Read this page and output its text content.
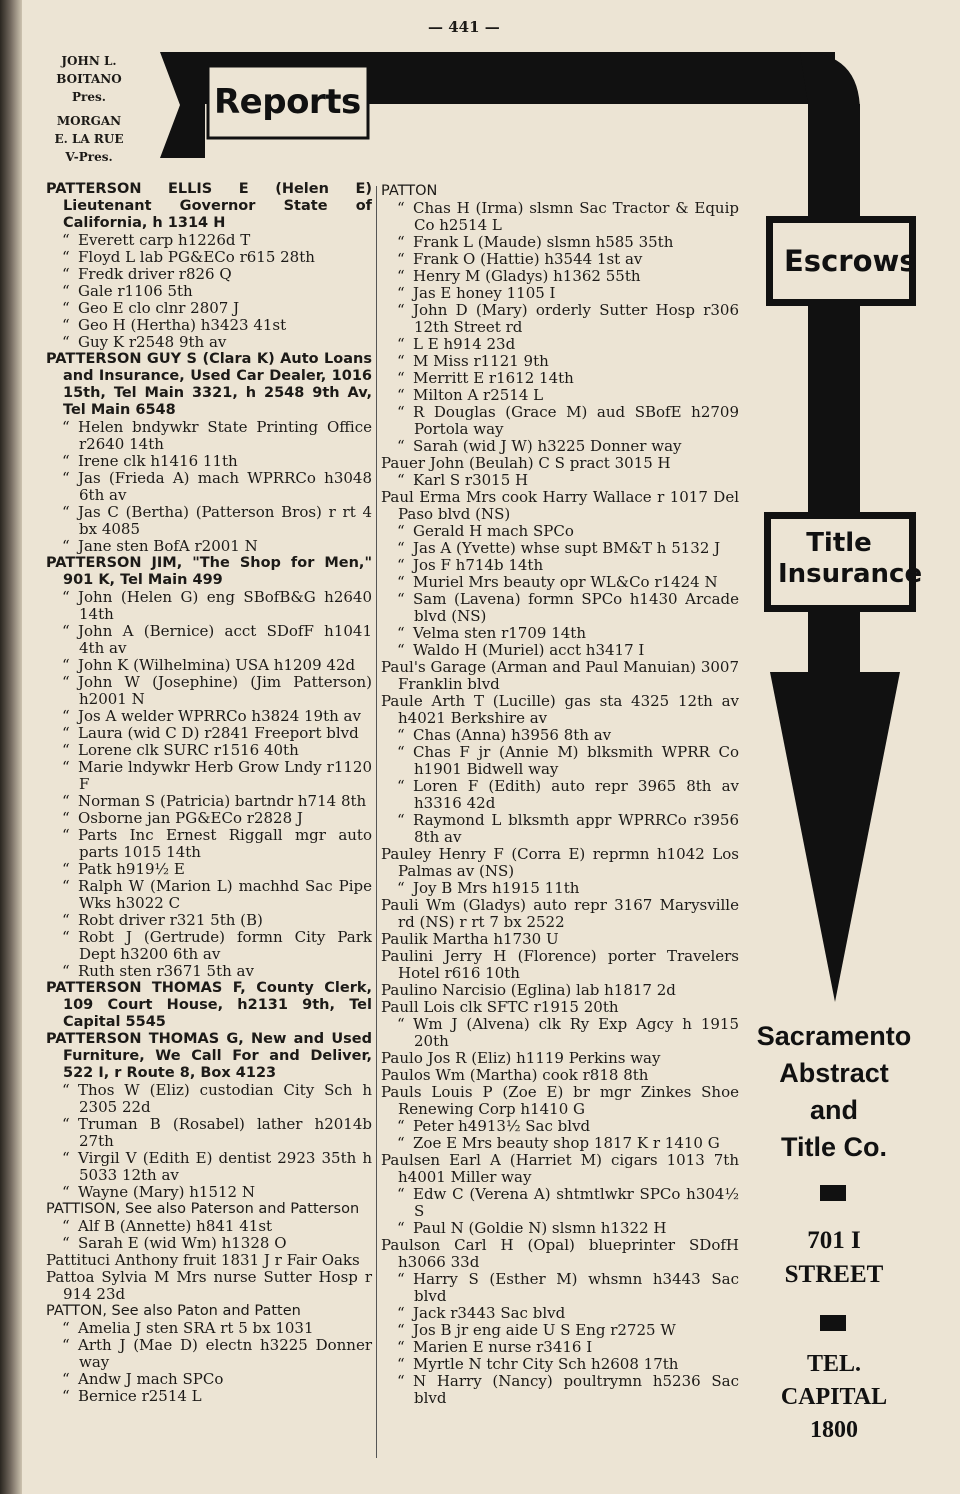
— 441 —
JOHN L.
BOITANO
Pres.
MORGAN
E. LA RUE
V-Pres.
Reports
Escrows
Title
Insurance
Sacramento
Abstract
and
Title Co.
701 I
STREET
TEL.
CAPITAL
1800
PATTERSON ELLIS E (Helen E) Lieutenant Governor State of California, h 1314 H
“ Everett carp h1226d T
“ Floyd L lab PG&ECo r615 28th
“ Fredk driver r826 Q
“ Gale r1106 5th
“ Geo E clo clnr 2807 J
“ Geo H (Hertha) h3423 41st
“ Guy K r2548 9th av
PATTERSON GUY S (Clara K) Auto Loans and Insurance, Used Car Dealer, 1016 15th, Tel Main 3321, h 2548 9th Av, Tel Main 6548
“ Helen bndywkr State Printing Office r2640 14th
“ Irene clk h1416 11th
“ Jas (Frieda A) mach WPRRCo h3048 6th av
“ Jas C (Bertha) (Patterson Bros) r rt 4 bx 4085
“ Jane sten BofA r2001 N
PATTERSON JIM, "The Shop for Men," 901 K, Tel Main 499
“ John (Helen G) eng SBofB&G h2640 14th
“ John A (Bernice) acct SDofF h1041 4th av
“ John K (Wilhelmina) USA h1209 42d
“ John W (Josephine) (Jim Patterson) h2001 N
“ Jos A welder WPRRCo h3824 19th av
“ Laura (wid C D) r2841 Freeport blvd
“ Lorene clk SURC r1516 40th
“ Marie lndywkr Herb Grow Lndy r1120 F
“ Norman S (Patricia) bartndr h714 8th
“ Osborne jan PG&ECo r2828 J
“ Parts Inc Ernest Riggall mgr auto parts 1015 14th
“ Patk h919½ E
“ Ralph W (Marion L) machhd Sac Pipe Wks h3022 C
“ Robt driver r321 5th (B)
“ Robt J (Gertrude) formn City Park Dept h3200 6th av
“ Ruth sten r3671 5th av
PATTERSON THOMAS F, County Clerk, 109 Court House, h2131 9th, Tel Capital 5545
PATTERSON THOMAS G, New and Used Furniture, We Call For and Deliver, 522 I, r Route 8, Box 4123
“ Thos W (Eliz) custodian City Sch h 2305 22d
“ Truman B (Rosabel) lather h2014b 27th
“ Virgil V (Edith E) dentist 2923 35th h 5033 12th av
“ Wayne (Mary) h1512 N
PATTISON, See also Paterson and Patterson
“ Alf B (Annette) h841 41st
“ Sarah E (wid Wm) h1328 O
Pattituci Anthony fruit 1831 J r Fair Oaks
Pattoa Sylvia M Mrs nurse Sutter Hosp r 914 23d
PATTON, See also Paton and Patten
“ Amelia J sten SRA rt 5 bx 1031
“ Arth J (Mae D) electn h3225 Donner way
“ Andw J mach SPCo
“ Bernice r2514 L
PATTON
“ Chas H (Irma) slsmn Sac Tractor & Equip Co h2514 L
“ Frank L (Maude) slsmn h585 35th
“ Frank O (Hattie) h3544 1st av
“ Henry M (Gladys) h1362 55th
“ Jas E honey 1105 I
“ John D (Mary) orderly Sutter Hosp r306 12th Street rd
“ L E h914 23d
“ M Miss r1121 9th
“ Merritt E r1612 14th
“ Milton A r2514 L
“ R Douglas (Grace M) aud SBofE h2709 Portola way
“ Sarah (wid J W) h3225 Donner way
Pauer John (Beulah) C S pract 3015 H
“ Karl S r3015 H
Paul Erma Mrs cook Harry Wallace r 1017 Del Paso blvd (NS)
“ Gerald H mach SPCo
“ Jas A (Yvette) whse supt BM&T h 5132 J
“ Jos F h714b 14th
“ Muriel Mrs beauty opr WL&Co r1424 N
“ Sam (Lavena) formn SPCo h1430 Arcade blvd (NS)
“ Velma sten r1709 14th
“ Waldo H (Muriel) acct h3417 I
Paul's Garage (Arman and Paul Manuian) 3007 Franklin blvd
Paule Arth T (Lucille) gas sta 4325 12th av h4021 Berkshire av
“ Chas (Anna) h3956 8th av
“ Chas F jr (Annie M) blksmith WPRR Co h1901 Bidwell way
“ Loren F (Edith) auto repr 3965 8th av h3316 42d
“ Raymond L blksmth appr WPRRCo r3956 8th av
Pauley Henry F (Corra E) reprmn h1042 Los Palmas av (NS)
“ Joy B Mrs h1915 11th
Pauli Wm (Gladys) auto repr 3167 Marysville rd (NS) r rt 7 bx 2522
Paulik Martha h1730 U
Paulini Jerry H (Florence) porter Travelers Hotel r616 10th
Paulino Narcisio (Eglina) lab h1817 2d
Paull Lois clk SFTC r1915 20th
“ Wm J (Alvena) clk Ry Exp Agcy h 1915 20th
Paulo Jos R (Eliz) h1119 Perkins way
Paulos Wm (Martha) cook r818 8th
Pauls Louis P (Zoe E) br mgr Zinkes Shoe Renewing Corp h1410 G
“ Peter h4913½ Sac blvd
“ Zoe E Mrs beauty shop 1817 K r 1410 G
Paulsen Earl A (Harriet M) cigars 1013 7th h4001 Miller way
“ Edw C (Verena A) shtmtlwkr SPCo h304½ S
“ Paul N (Goldie N) slsmn h1322 H
Paulson Carl H (Opal) blueprinter SDofH h3066 33d
“ Harry S (Esther M) whsmn h3443 Sac blvd
“ Jack r3443 Sac blvd
“ Jos B jr eng aide U S Eng r2725 W
“ Marien E nurse r3416 I
“ Myrtle N tchr City Sch h2608 17th
“ N Harry (Nancy) poultrymn h5236 Sac blvd
